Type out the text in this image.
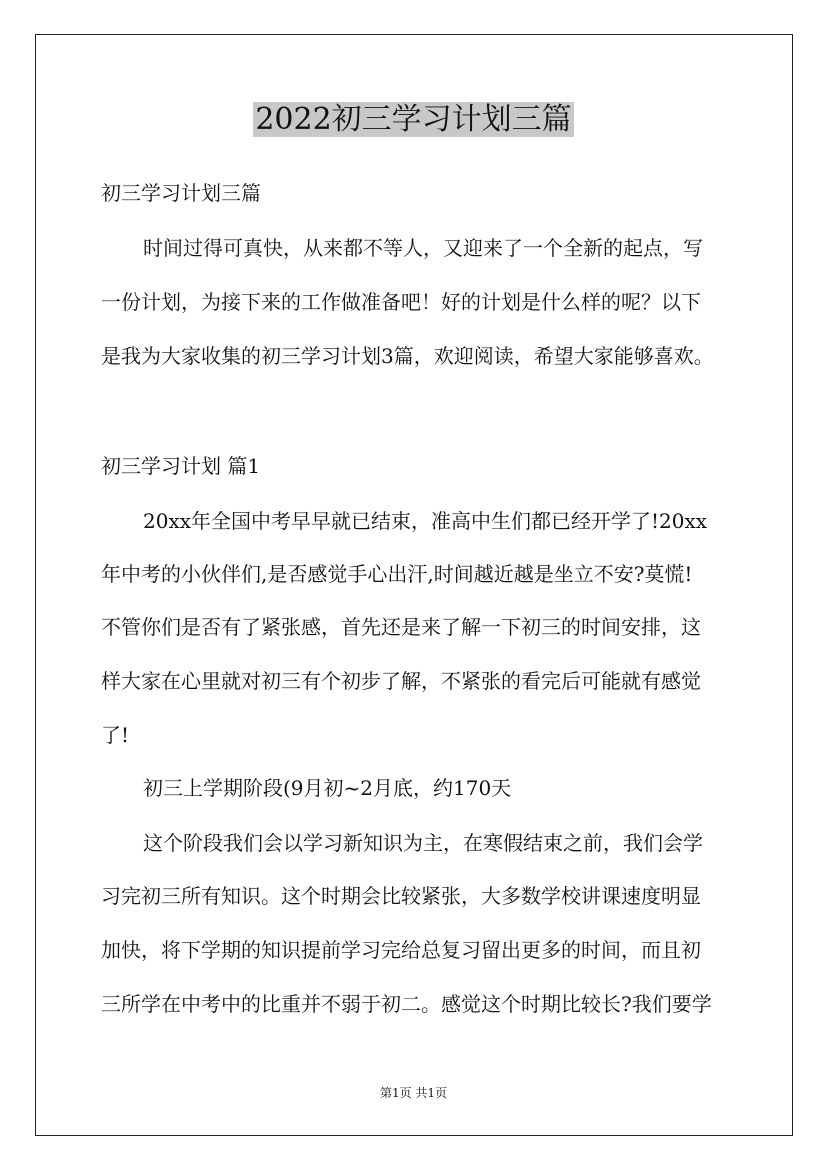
2022初三学习计划三篇

初三学习计划三篇

时间过得可真快，从来都不等人，又迎来了一个全新的起点，写

一份计划，为接下来的工作做准备吧！好的计划是什么样的呢？以下

是我为大家收集的初三学习计划3篇，欢迎阅读，希望大家能够喜欢。

初三学习计划 篇1

20xx年全国中考早早就已结束，准高中生们都已经开学了!20xx

年中考的小伙伴们,是否感觉手心出汗,时间越近越是坐立不安?莫慌!

不管你们是否有了紧张感，首先还是来了解一下初三的时间安排，这

样大家在心里就对初三有个初步了解，不紧张的看完后可能就有感觉

了!

初三上学期阶段(9月初~2月底，约170天

这个阶段我们会以学习新知识为主，在寒假结束之前，我们会学

习完初三所有知识。这个时期会比较紧张，大多数学校讲课速度明显

加快，将下学期的知识提前学习完给总复习留出更多的时间，而且初

三所学在中考中的比重并不弱于初二。感觉这个时期比较长?我们要学

第1页 共1页
